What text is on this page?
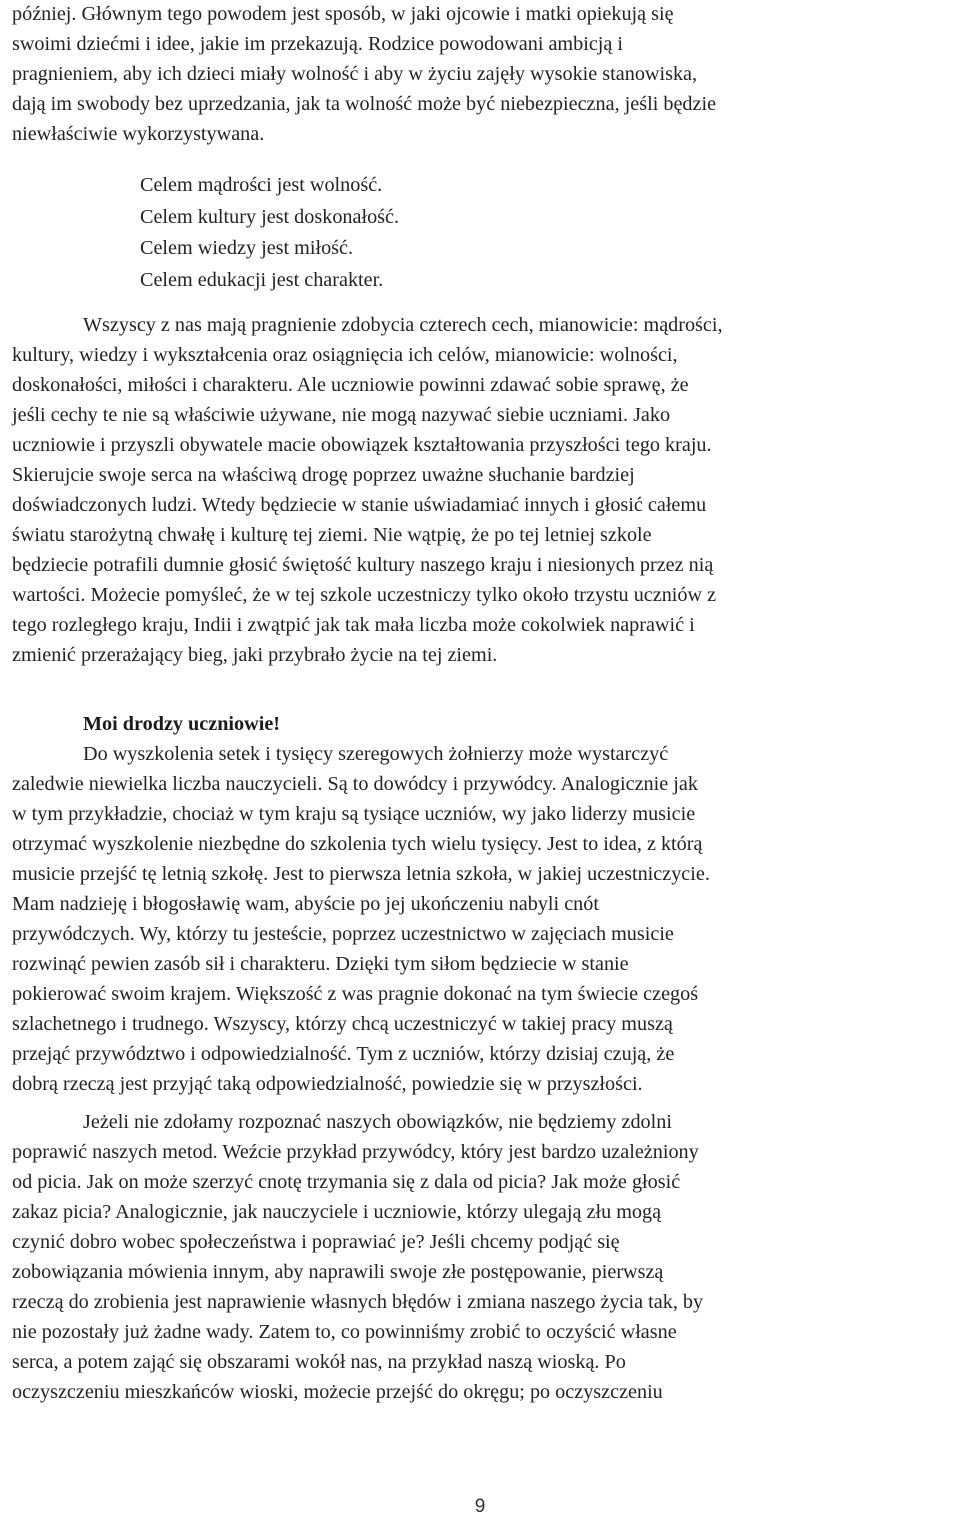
później. Głównym tego powodem jest sposób, w jaki ojcowie i matki opiekują się
swoimi dziećmi i idee, jakie im przekazują. Rodzice powodowani ambicją i
pragnieniem, aby ich dzieci miały wolność i aby w życiu zajęły wysokie stanowiska,
dają im swobody bez uprzedzania, jak ta wolność może być niebezpieczna, jeśli będzie
niewłaściwie wykorzystywana.

Celem mądrości jest wolność.
Celem kultury jest doskonałość.
Celem wiedzy jest miłość.
Celem edukacji jest charakter.

Wszyscy z nas mają pragnienie zdobycia czterech cech, mianowicie: mądrości,
kultury, wiedzy i wykształcenia oraz osiągnięcia ich celów, mianowicie: wolności,
doskonałości, miłości i charakteru. Ale uczniowie powinni zdawać sobie sprawę, że
jeśli cechy te nie są właściwie używane, nie mogą nazywać siebie uczniami. Jako
uczniowie i przyszli obywatele macie obowiązek kształtowania przyszłości tego kraju.
Skierujcie swoje serca na właściwą drogę poprzez uważne słuchanie bardziej
doświadczonych ludzi. Wtedy będziecie w stanie uświadamiać innych i głosić całemu
światu starożytną chwałę i kulturę tej ziemi. Nie wątpię, że po tej letniej szkole
będziecie potrafili dumnie głosić świętość kultury naszego kraju i niesionych przez nią
wartości. Możecie pomyśleć, że w tej szkole uczestniczy tylko około trzystu uczniów z
tego rozległego kraju, Indii i zwątpić jak tak mała liczba może cokolwiek naprawić i
zmienić przerażający bieg, jaki przybrało życie na tej ziemi.

Moi drodzy uczniowie!

Do wyszkolenia setek i tysięcy szeregowych żołnierzy może wystarczyć
zaledwie niewielka liczba nauczycieli. Są to dowódcy i przywódcy. Analogicznie jak
w tym przykładzie, chociaż w tym kraju są tysiące uczniów, wy jako liderzy musicie
otrzymać wyszkolenie niezbędne do szkolenia tych wielu tysięcy. Jest to idea, z którą
musicie przejść tę letnią szkołę. Jest to pierwsza letnia szkoła, w jakiej uczestniczycie.
Mam nadzieję i błogosławię wam, abyście po jej ukończeniu nabyli cnót
przywódczych. Wy, którzy tu jesteście, poprzez uczestnictwo w zajęciach musicie
rozwinąć pewien zasób sił i charakteru. Dzięki tym siłom będziecie w stanie
pokierować swoim krajem. Większość z was pragnie dokonać na tym świecie czegoś
szlachetnego i trudnego. Wszyscy, którzy chcą uczestniczyć w takiej pracy muszą
przejąć przywództwo i odpowiedzialność. Tym z uczniów, którzy dzisiaj czują, że
dobrą rzeczą jest przyjąć taką odpowiedzialność, powiedzie się w przyszłości.

Jeżeli nie zdołamy rozpoznać naszych obowiązków, nie będziemy zdolni
poprawić naszych metod. Weźcie przykład przywódcy, który jest bardzo uzależniony
od picia. Jak on może szerzyć cnotę trzymania się z dala od picia? Jak może głosić
zakaz picia? Analogicznie, jak nauczyciele i uczniowie, którzy ulegają złu mogą
czynić dobro wobec społeczeństwa i poprawiać je? Jeśli chcemy podjąć się
zobowiązania mówienia innym, aby naprawili swoje złe postępowanie, pierwszą
rzeczą do zrobienia jest naprawienie własnych błędów i zmiana naszego życia tak, by
nie pozostały już żadne wady. Zatem to, co powinniśmy zrobić to oczyścić własne
serca, a potem zająć się obszarami wokół nas, na przykład naszą wioską. Po
oczyszczeniu mieszkańców wioski, możecie przejść do okręgu; po oczyszczeniu

9
